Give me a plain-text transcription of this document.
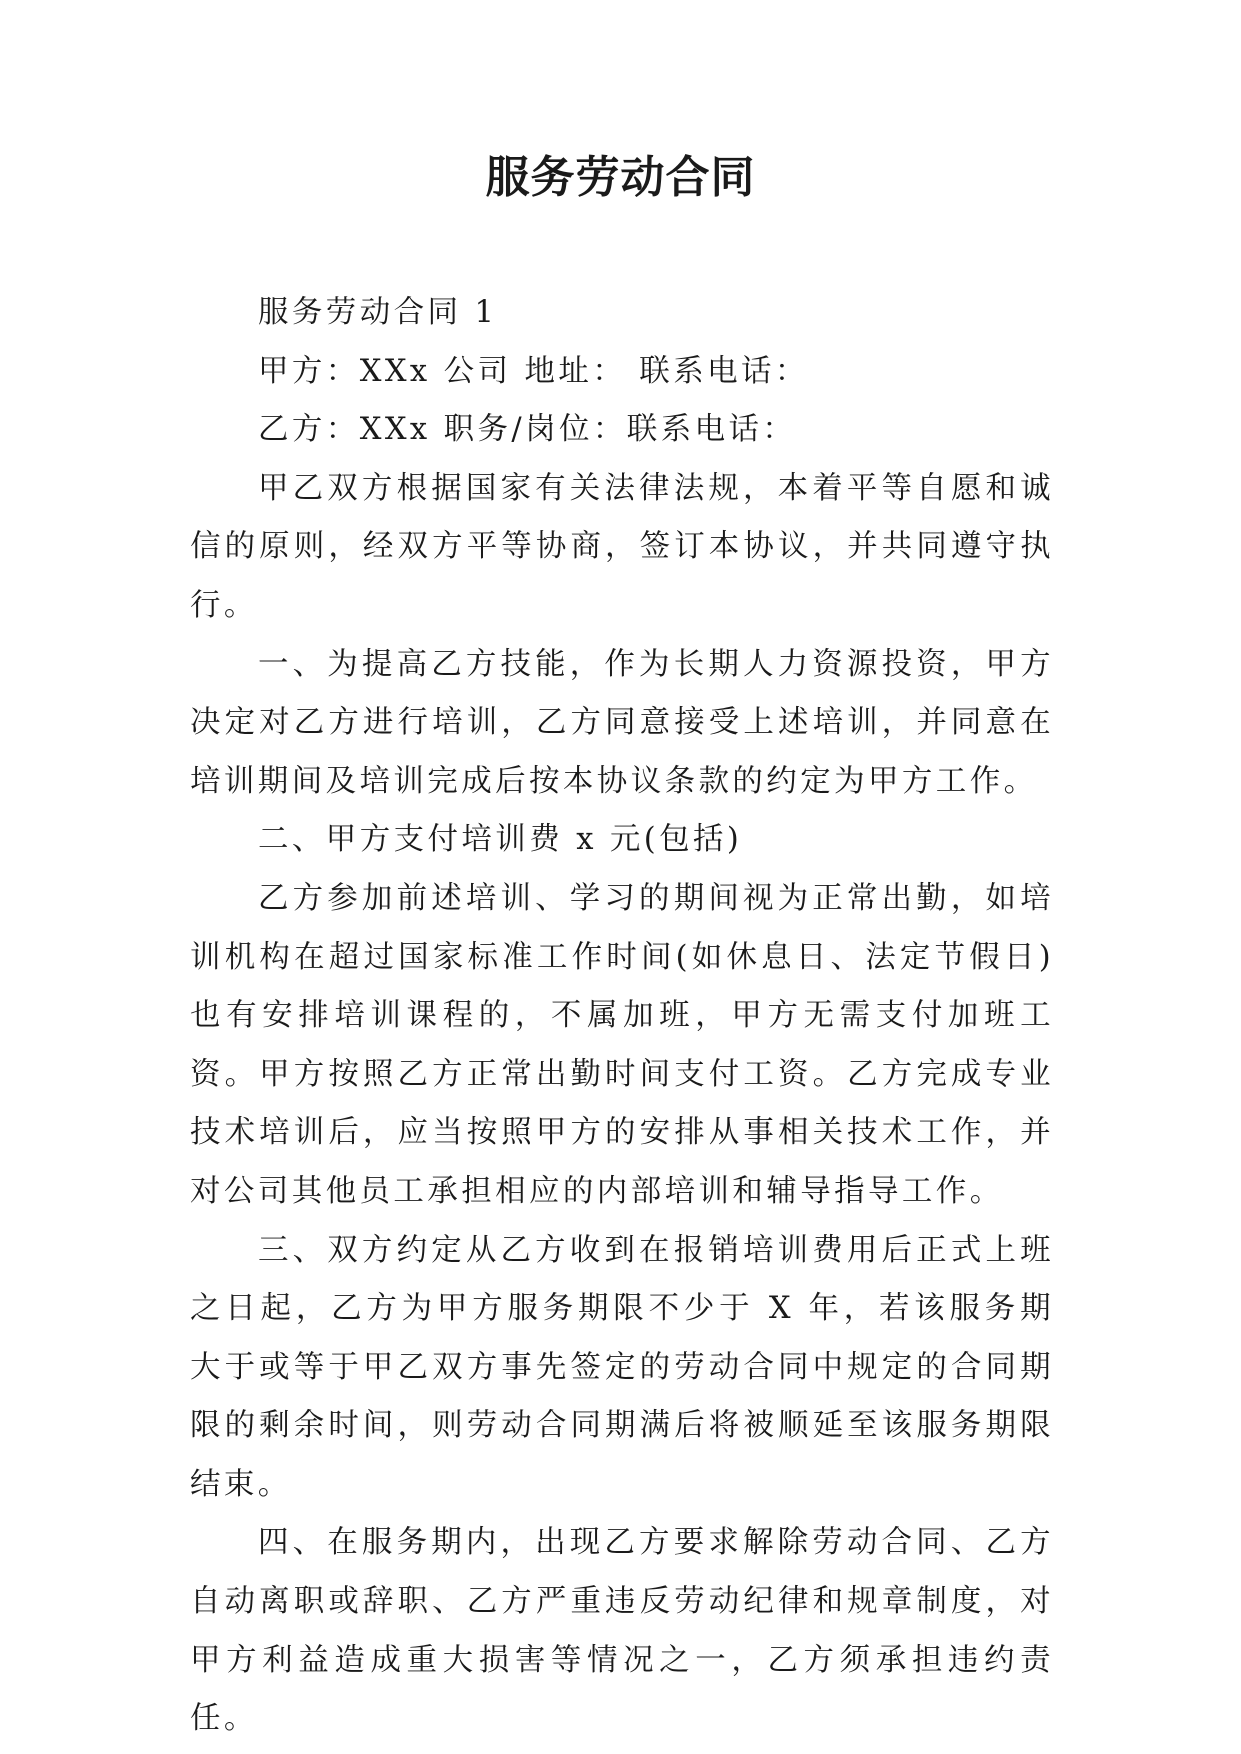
服务劳动合同

服务劳动合同 1

甲方：XXx 公司 地址： 联系电话：

乙方：XXx 职务/岗位：联系电话：

甲乙双方根据国家有关法律法规，本着平等自愿和诚信的原则，经双方平等协商，签订本协议，并共同遵守执行。

一、为提高乙方技能，作为长期人力资源投资，甲方决定对乙方进行培训，乙方同意接受上述培训，并同意在培训期间及培训完成后按本协议条款的约定为甲方工作。

二、甲方支付培训费 x 元(包括)

乙方参加前述培训、学习的期间视为正常出勤，如培训机构在超过国家标准工作时间(如休息日、法定节假日)也有安排培训课程的，不属加班，甲方无需支付加班工资。甲方按照乙方正常出勤时间支付工资。乙方完成专业技术培训后，应当按照甲方的安排从事相关技术工作，并对公司其他员工承担相应的内部培训和辅导指导工作。

三、双方约定从乙方收到在报销培训费用后正式上班之日起，乙方为甲方服务期限不少于 X 年，若该服务期大于或等于甲乙双方事先签定的劳动合同中规定的合同期限的剩余时间，则劳动合同期满后将被顺延至该服务期限结束。

四、在服务期内，出现乙方要求解除劳动合同、乙方自动离职或辞职、乙方严重违反劳动纪律和规章制度，对甲方利益造成重大损害等情况之一，乙方须承担违约责任。
